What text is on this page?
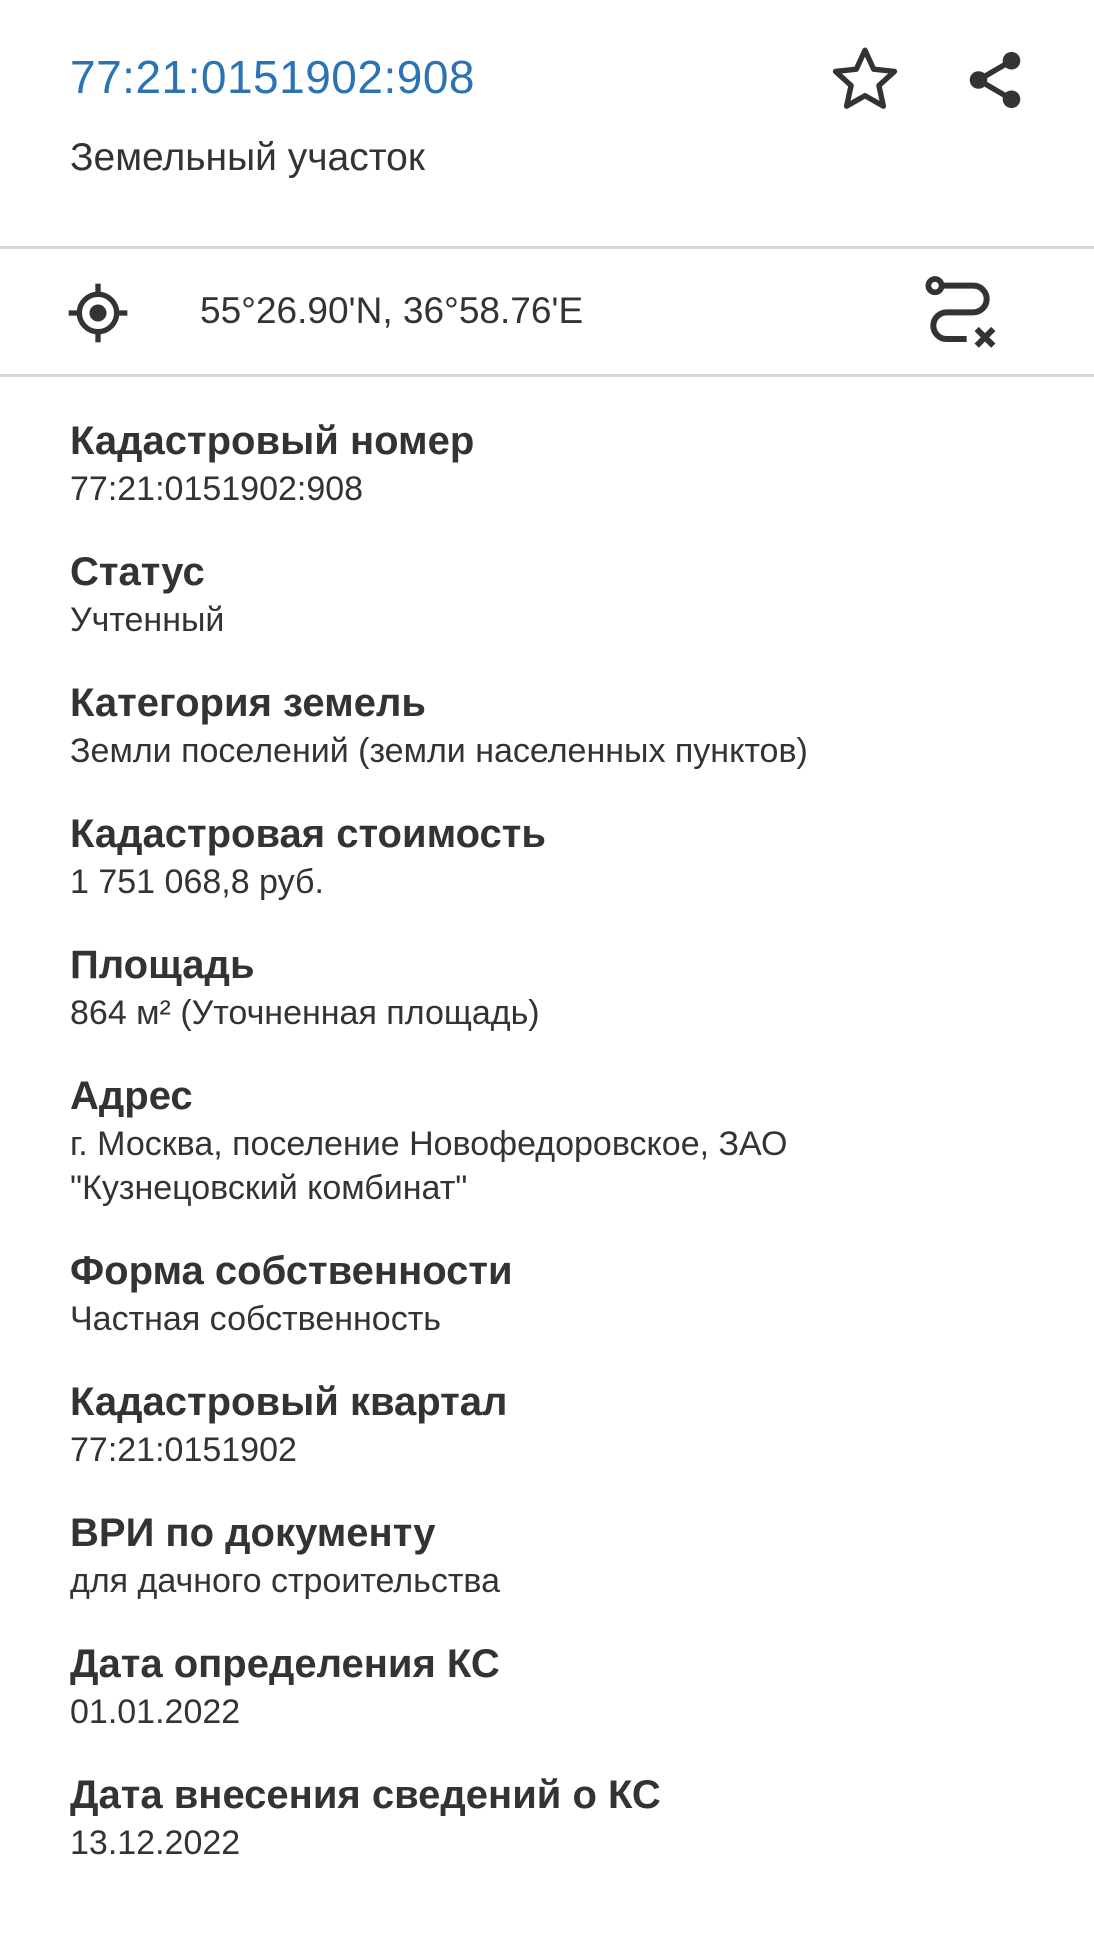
77:21:0151902:908
Земельный участок
55°26.90'N, 36°58.76'E
Кадастровый номер
77:21:0151902:908
Статус
Учтенный
Категория земель
Земли поселений (земли населенных пунктов)
Кадастровая стоимость
1 751 068,8 руб.
Площадь
864 м² (Уточненная площадь)
Адрес
г. Москва, поселение Новофедоровское, ЗАО "Кузнецовский комбинат"
Форма собственности
Частная собственность
Кадастровый квартал
77:21:0151902
ВРИ по документу
для дачного строительства
Дата определения КС
01.01.2022
Дата внесения сведений о КС
13.12.2022
